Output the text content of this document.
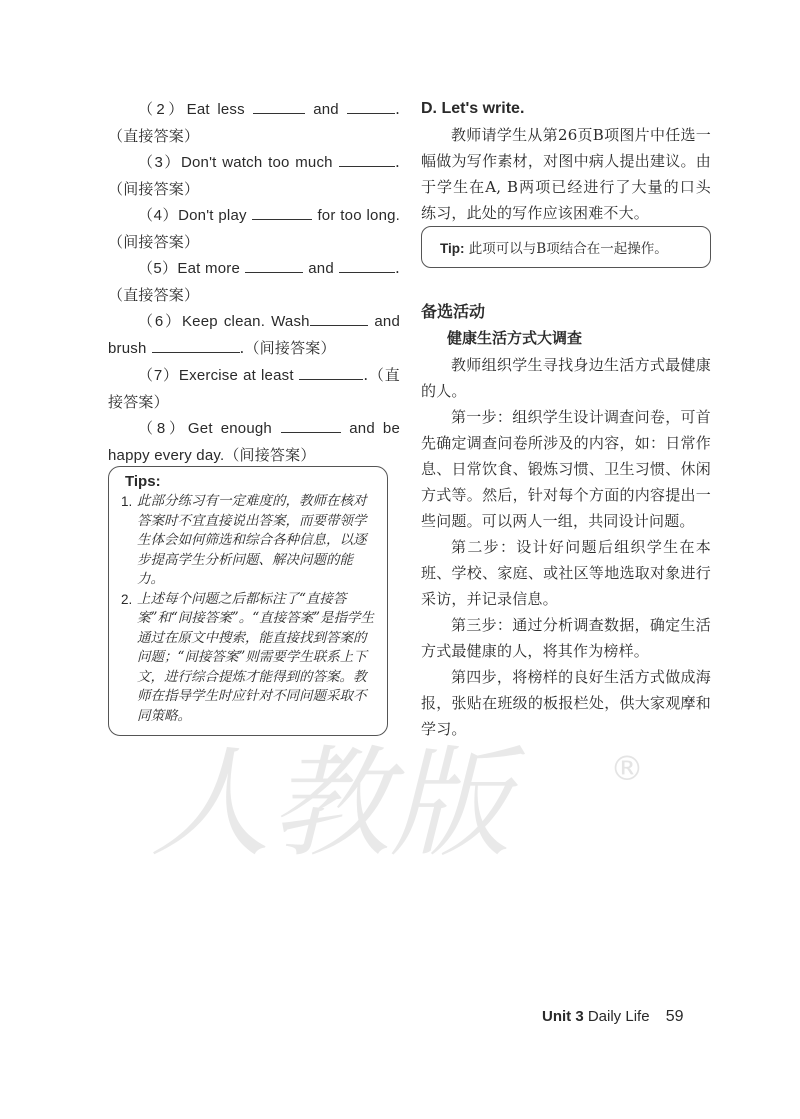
（2）Eat less	and	.（直接答案）

（3）Don't watch too much	.（间接答案）

（4）Don't play	for too long.（间接答案）

（5）Eat more	and	.（直接答案）

（6）Keep clean. Wash	and brush	.（间接答案）

（7）Exercise at least	.（直接答案）

（8）Get enough	and be happy every day.（间接答案）

Tips:

1. 此部分练习有一定难度的，教师在核对答案时不宜直接说出答案，而要带领学生体会如何筛选和综合各种信息，以逐步提高学生分析问题、解决问题的能力。
2. 上述每个问题之后都标注了“直接答案”和“间接答案”。“直接答案”是指学生通过在原文中搜索，能直接找到答案的问题；“间接答案”则需要学生联系上下文，进行综合提炼才能得到的答案。教师在指导学生时应针对不同问题采取不同策略。

D. Let's write.

教师请学生从第26页B项图片中任选一幅做为写作素材，对图中病人提出建议。由于学生在A, B两项已经进行了大量的口头练习，此处的写作应该困难不大。

Tip: 此项可以与B项结合在一起操作。

备选活动

健康生活方式大调查

教师组织学生寻找身边生活方式最健康的人。

第一步：组织学生设计调查问卷，可首先确定调查问卷所涉及的内容，如：日常作息、日常饮食、锻炼习惯、卫生习惯、休闲方式等。然后，针对每个方面的内容提出一些问题。可以两人一组，共同设计问题。

第二步：设计好问题后组织学生在本班、学校、家庭、或社区等地选取对象进行采访，并记录信息。

第三步：通过分析调查数据，确定生活方式最健康的人，将其作为榜样。

第四步，将榜样的良好生活方式做成海报，张贴在班级的板报栏处，供大家观摩和学习。

人教版	®
Unit 3 Daily Life 59
